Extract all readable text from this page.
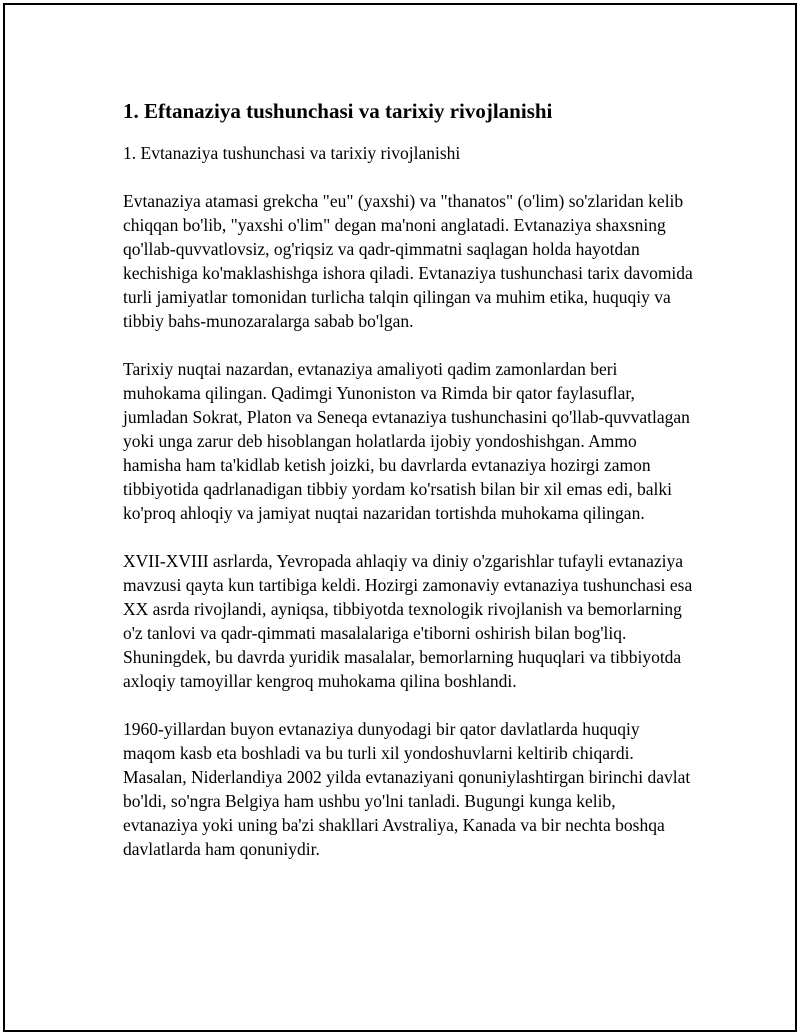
1. Eftanaziya tushunchasi va tarixiy rivojlanishi
1. Evtanaziya tushunchasi va tarixiy rivojlanishi

Evtanaziya atamasi grekcha "eu" (yaxshi) va "thanatos" (o'lim) so'zlaridan kelib chiqqan bo'lib, "yaxshi o'lim" degan ma'noni anglatadi. Evtanaziya shaxsning qo'llab-quvvatlovsiz, og'riqsiz va qadr-qimmatni saqlagan holda hayotdan kechishiga ko'maklashishga ishora qiladi. Evtanaziya tushunchasi tarix davomida turli jamiyatlar tomonidan turlicha talqin qilingan va muhim etika, huquqiy va tibbiy bahs-munozaralarga sabab bo'lgan.

Tarixiy nuqtai nazardan, evtanaziya amaliyoti qadim zamonlardan beri muhokama qilingan. Qadimgi Yunoniston va Rimda bir qator faylasuflar, jumladan Sokrat, Platon va Seneqa evtanaziya tushunchasini qo'llab-quvvatlagan yoki unga zarur deb hisoblangan holatlarda ijobiy yondoshishgan. Ammo hamisha ham ta'kidlab ketish joizki, bu davrlarda evtanaziya hozirgi zamon tibbiyotida qadrlanadigan tibbiy yordam ko'rsatish bilan bir xil emas edi, balki ko'proq ahloqiy va jamiyat nuqtai nazaridan tortishda muhokama qilingan.

XVII-XVIII asrlarda, Yevropada ahlaqiy va diniy o'zgarishlar tufayli evtanaziya mavzusi qayta kun tartibiga keldi. Hozirgi zamonaviy evtanaziya tushunchasi esa XX asrda rivojlandi, ayniqsa, tibbiyotda texnologik rivojlanish va bemorlarning o'z tanlovi va qadr-qimmati masalalariga e'tiborni oshirish bilan bog'liq. Shuningdek, bu davrda yuridik masalalar, bemorlarning huquqlari va tibbiyotda axloqiy tamoyillar kengroq muhokama qilina boshlandi.

1960-yillardan buyon evtanaziya dunyodagi bir qator davlatlarda huquqiy maqom kasb eta boshladi va bu turli xil yondoshuvlarni keltirib chiqardi. Masalan, Niderlandiya 2002 yilda evtanaziyani qonuniylashtirgan birinchi davlat bo'ldi, so'ngra Belgiya ham ushbu yo'lni tanladi. Bugungi kunga kelib, evtanaziya yoki uning ba'zi shakllari Avstraliya, Kanada va bir nechta boshqa davlatlarda ham qonuniydir.
